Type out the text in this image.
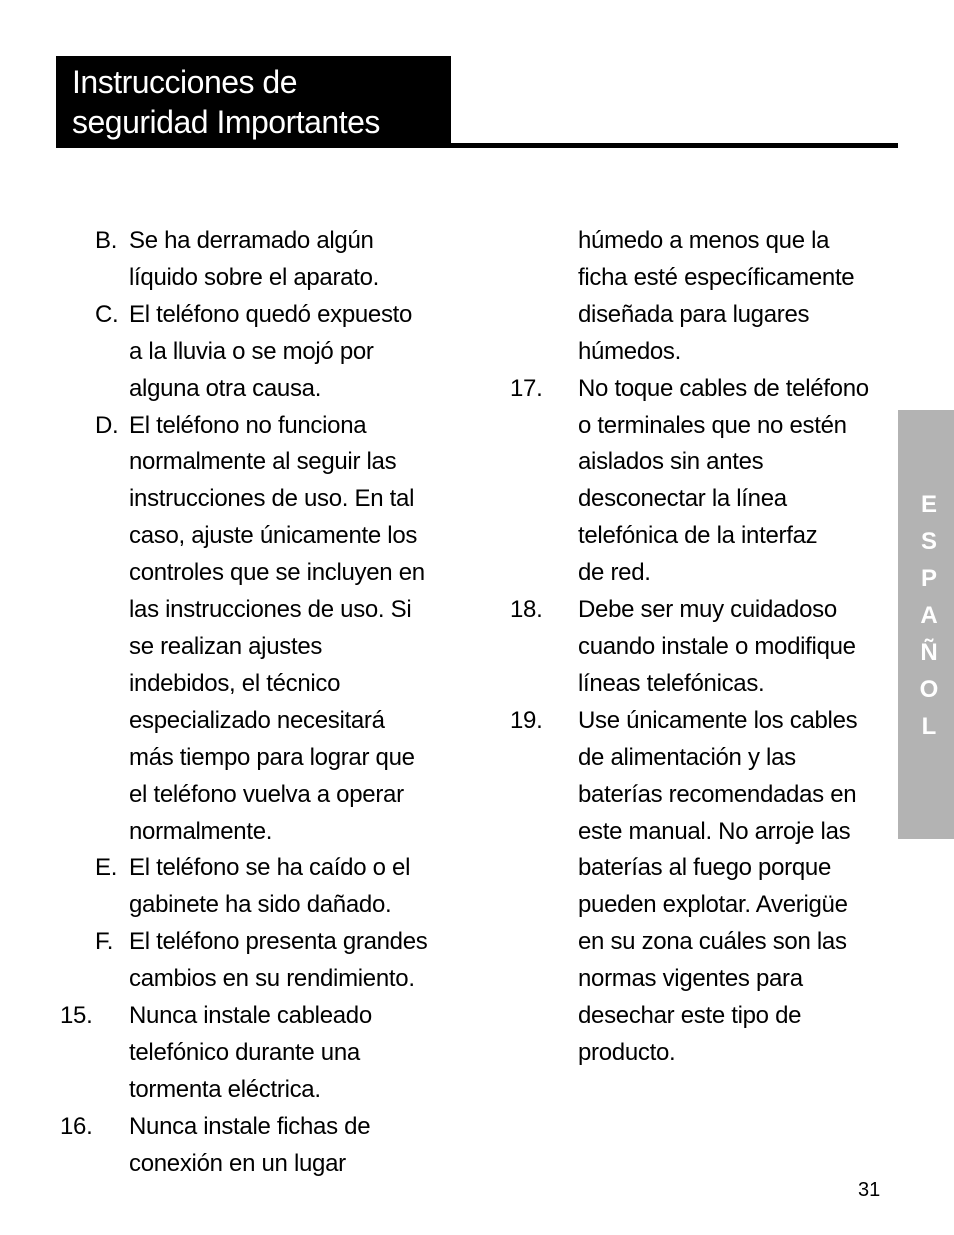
Instrucciones de
seguridad Importantes
B. Se ha derramado algún
líquido sobre el aparato.
C. El teléfono quedó expuesto
a la lluvia o se mojó por
alguna otra causa.
D. El teléfono no funciona
normalmente al seguir las
instrucciones de uso. En tal
caso, ajuste únicamente los
controles que se incluyen en
las instrucciones de uso. Si
se realizan ajustes
indebidos, el técnico
especializado necesitará
más tiempo para lograr que
el teléfono vuelva a operar
normalmente.
E. El teléfono se ha caído o el
gabinete ha sido dañado.
F. El teléfono presenta grandes
cambios en su rendimiento.
15. Nunca instale cableado
telefónico durante una
tormenta eléctrica.
16. Nunca instale fichas de
conexión en un lugar
húmedo a menos que la
ficha esté específicamente
diseñada para lugares
húmedos.
17. No toque cables de teléfono
o terminales que no estén
aislados sin antes
desconectar la línea
telefónica de la interfaz
de red.
18. Debe ser muy cuidadoso
cuando instale o modifique
líneas telefónicas.
19. Use únicamente los cables
de alimentación y las
baterías recomendadas en
este manual. No arroje las
baterías al fuego porque
pueden explotar. Averigüe
en su zona cuáles son las
normas vigentes para
desechar este tipo de
producto.
E
S
P
A
Ñ
O
L
31
